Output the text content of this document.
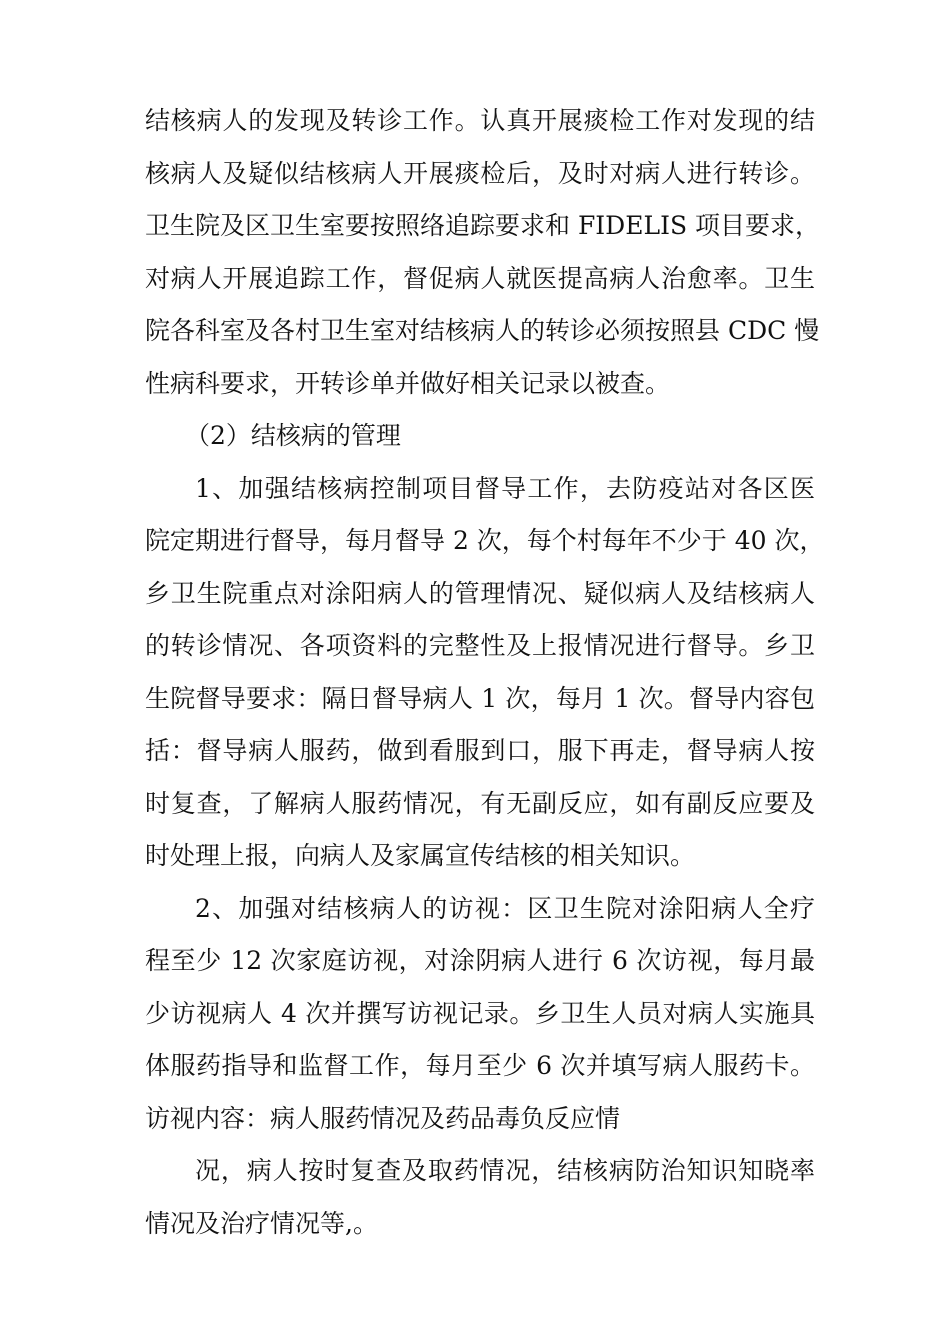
结核病人的发现及转诊工作。认真开展痰检工作对发现的结
核病人及疑似结核病人开展痰检后，及时对病人进行转诊。
卫生院及区卫生室要按照络追踪要求和 FIDELIS 项目要求，
对病人开展追踪工作，督促病人就医提高病人治愈率。卫生
院各科室及各村卫生室对结核病人的转诊必须按照县 CDC 慢
性病科要求，开转诊单并做好相关记录以被查。
（2）结核病的管理
1、加强结核病控制项目督导工作，去防疫站对各区医
院定期进行督导，每月督导 2 次，每个村每年不少于 40 次，
乡卫生院重点对涂阳病人的管理情况、疑似病人及结核病人
的转诊情况、各项资料的完整性及上报情况进行督导。乡卫
生院督导要求：隔日督导病人 1 次，每月 1 次。督导内容包
括：督导病人服药，做到看服到口，服下再走，督导病人按
时复查，了解病人服药情况，有无副反应，如有副反应要及
时处理上报，向病人及家属宣传结核的相关知识。
2、加强对结核病人的访视：区卫生院对涂阳病人全疗
程至少 12 次家庭访视，对涂阴病人进行 6 次访视，每月最
少访视病人 4 次并撰写访视记录。乡卫生人员对病人实施具
体服药指导和监督工作，每月至少 6 次并填写病人服药卡。
访视内容：病人服药情况及药品毒负反应情
况，病人按时复查及取药情况，结核病防治知识知晓率
情况及治疗情况等,。
